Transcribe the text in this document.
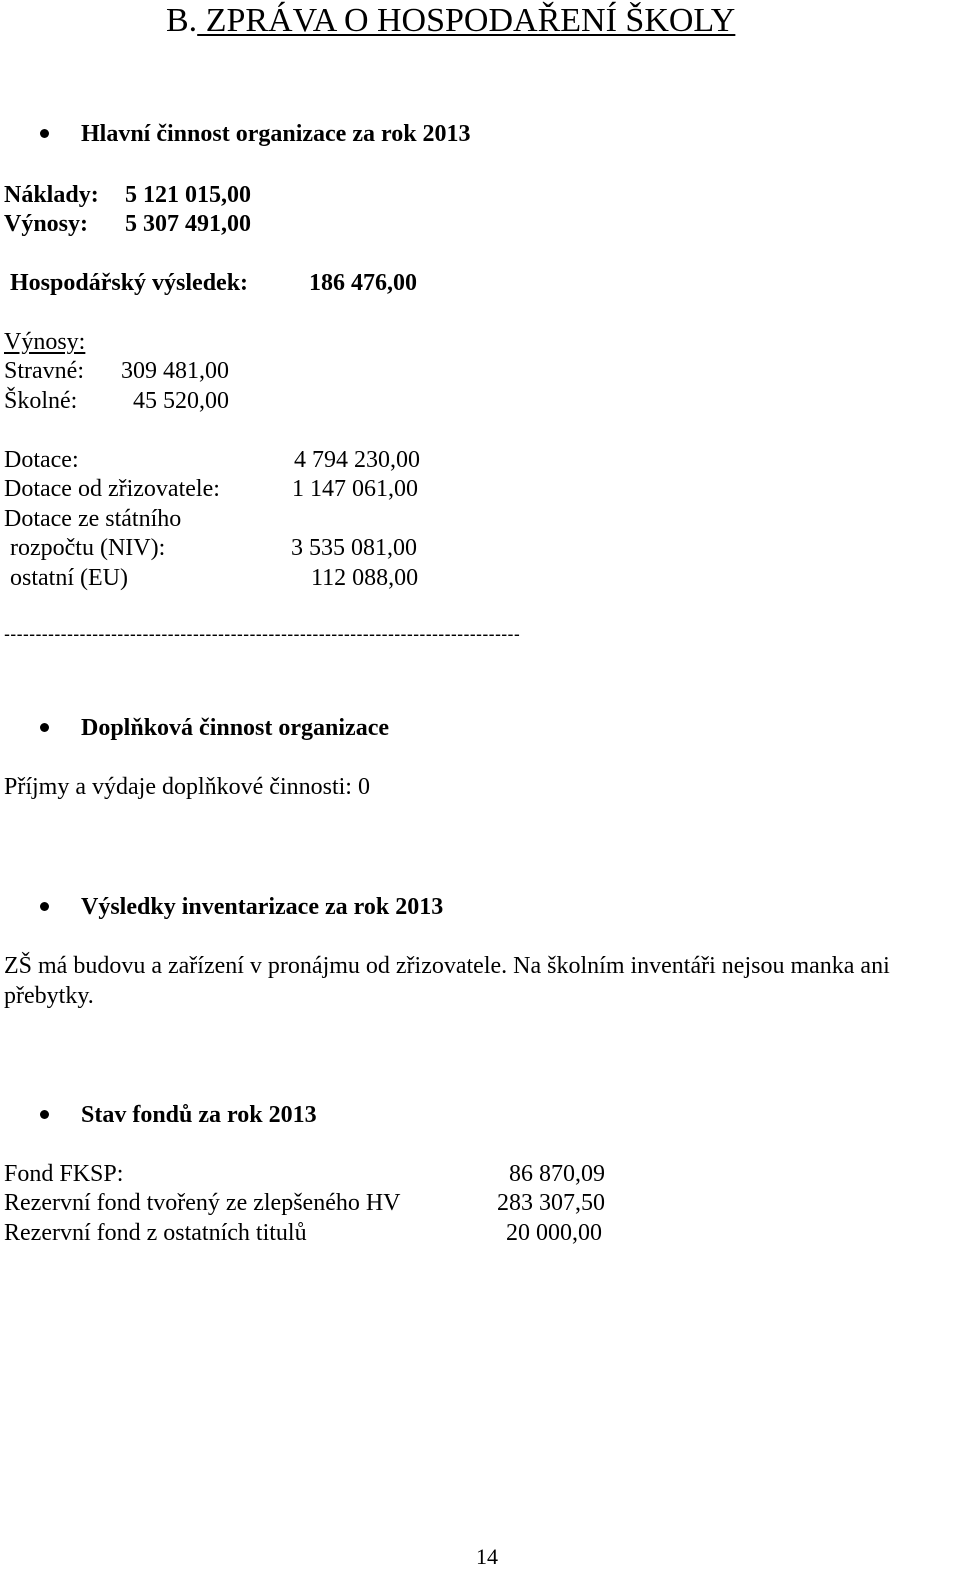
B. ZPRÁVA O HOSPODAŘENÍ ŠKOLY
Hlavní činnost organizace za rok 2013
Náklady: 5 121 015,00
Výnosy: 5 307 491,00
Hospodářský výsledek:	186 476,00
Výnosy:
Stravné: 309 481,00
Školné: 45 520,00
Dotace:	4 794 230,00
Dotace od zřizovatele:	1 147 061,00
Dotace ze státního
rozpočtu (NIV):	3 535 081,00
ostatní (EU)	112 088,00
----------------------------------------------------------------------------------
Doplňková činnost organizace
Příjmy a výdaje doplňkové činnosti: 0
Výsledky inventarizace za rok 2013
ZŠ má budovu a zařízení v pronájmu od zřizovatele. Na školním inventáři nejsou manka ani
přebytky.
Stav fondů za rok 2013
Fond FKSP:	86 870,09
Rezervní fond tvořený ze zlepšeného HV	283 307,50
Rezervní fond z ostatních titulů	20 000,00
14
